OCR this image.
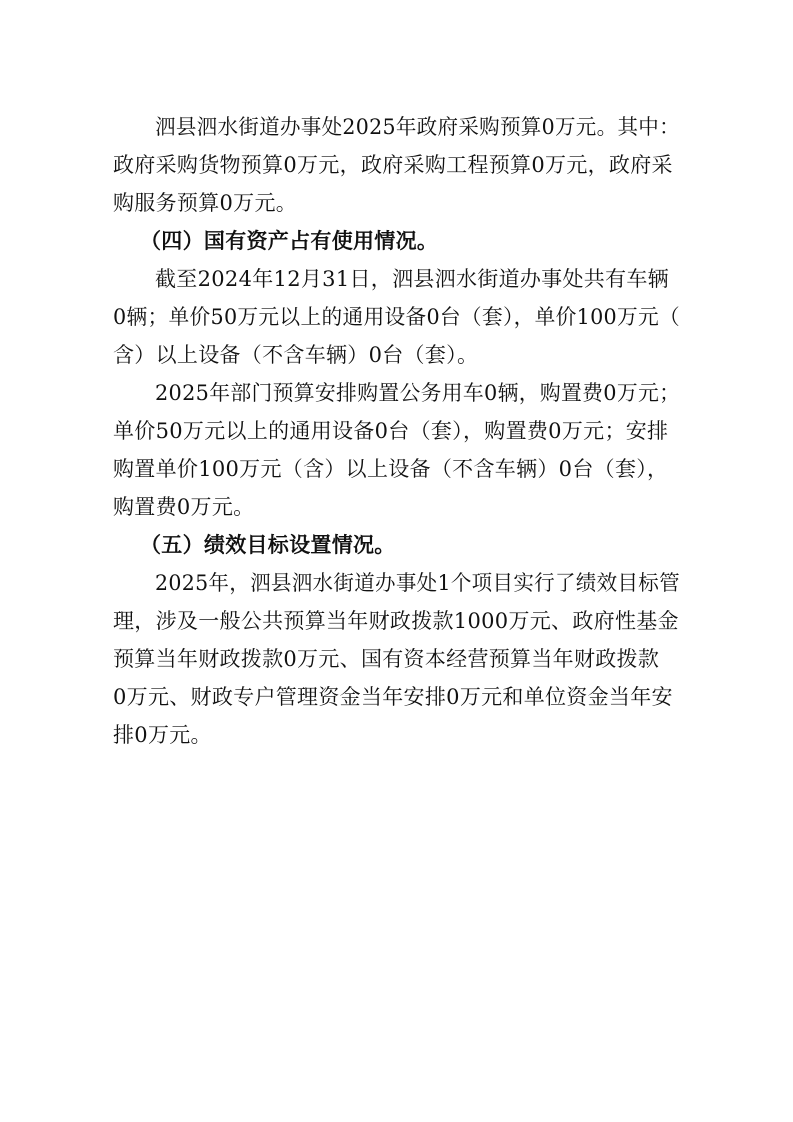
泗县泗水街道办事处2025年政府采购预算0万元。其中：
政府采购货物预算0万元，政府采购工程预算0万元，政府采
购服务预算0万元。
（四）国有资产占有使用情况。
截至2024年12月31日，泗县泗水街道办事处共有车辆
0辆；单价50万元以上的通用设备0台（套），单价100万元（
含）以上设备（不含车辆）0台（套）。
2025年部门预算安排购置公务用车0辆，购置费0万元；
单价50万元以上的通用设备0台（套），购置费0万元；安排
购置单价100万元（含）以上设备（不含车辆）0台（套），
购置费0万元。
（五）绩效目标设置情况。
2025年，泗县泗水街道办事处1个项目实行了绩效目标管
理，涉及一般公共预算当年财政拨款1000万元、政府性基金
预算当年财政拨款0万元、国有资本经营预算当年财政拨款
0万元、财政专户管理资金当年安排0万元和单位资金当年安
排0万元。
